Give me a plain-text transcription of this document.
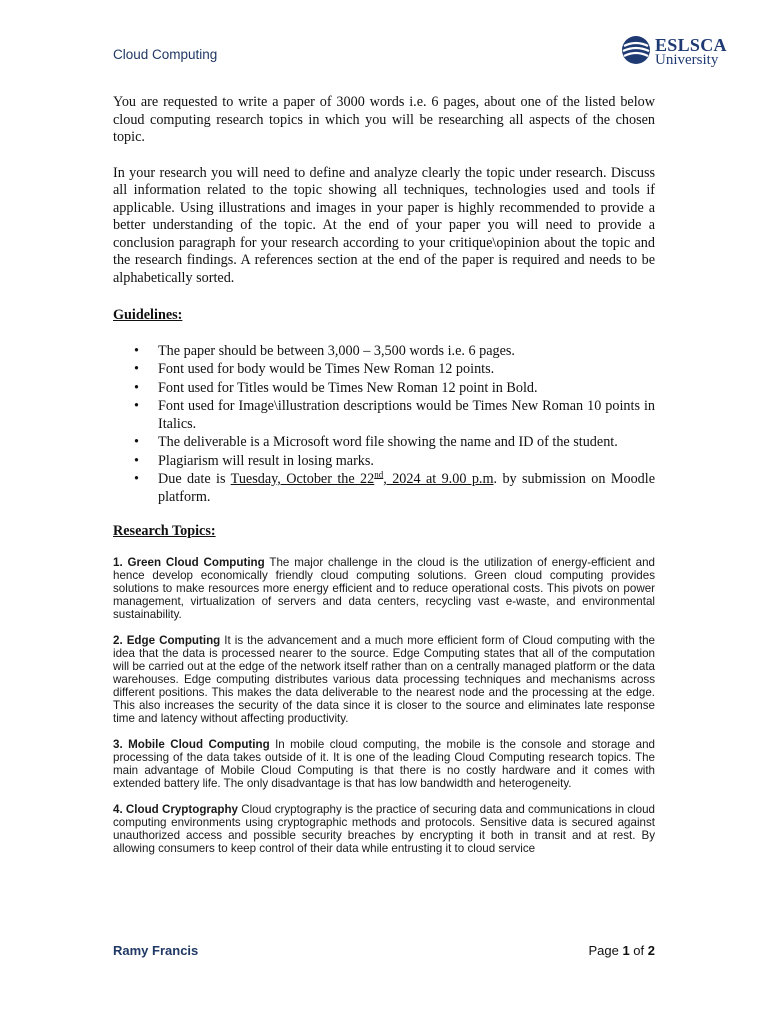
Cloud Computing	ESLSCA
University

You are requested to write a paper of 3000 words i.e. 6 pages, about one of the listed below cloud computing research topics in which you will be researching all aspects of the chosen topic.

In your research you will need to define and analyze clearly the topic under research. Discuss all information related to the topic showing all techniques, technologies used and tools if applicable. Using illustrations and images in your paper is highly recommended to provide a better understanding of the topic. At the end of your paper you will need to provide a conclusion paragraph for your research according to your critique\opinion about the topic and the research findings. A references section at the end of the paper is required and needs to be alphabetically sorted.

Guidelines:
• The paper should be between 3,000 – 3,500 words i.e. 6 pages.
• Font used for body would be Times New Roman 12 points.
• Font used for Titles would be Times New Roman 12 point in Bold.
• Font used for Image\illustration descriptions would be Times New Roman 10 points in Italics.
• The deliverable is a Microsoft word file showing the name and ID of the student.
• Plagiarism will result in losing marks.
• Due date is Tuesday, October the 22nd, 2024 at 9.00 p.m. by submission on Moodle platform.
Research Topics:

1. Green Cloud Computing The major challenge in the cloud is the utilization of energy-efficient and hence develop economically friendly cloud computing solutions. Green cloud computing provides solutions to make resources more energy efficient and to reduce operational costs. This pivots on power management, virtualization of servers and data centers, recycling vast e-waste, and environmental sustainability.

2. Edge Computing It is the advancement and a much more efficient form of Cloud computing with the idea that the data is processed nearer to the source. Edge Computing states that all of the computation will be carried out at the edge of the network itself rather than on a centrally managed platform or the data warehouses. Edge computing distributes various data processing techniques and mechanisms across different positions. This makes the data deliverable to the nearest node and the processing at the edge. This also increases the security of the data since it is closer to the source and eliminates late response time and latency without affecting productivity.

3. Mobile Cloud Computing In mobile cloud computing, the mobile is the console and storage and processing of the data takes outside of it. It is one of the leading Cloud Computing research topics. The main advantage of Mobile Cloud Computing is that there is no costly hardware and it comes with extended battery life. The only disadvantage is that has low bandwidth and heterogeneity.

4. Cloud Cryptography Cloud cryptography is the practice of securing data and communications in cloud computing environments using cryptographic methods and protocols. Sensitive data is secured against unauthorized access and possible security breaches by encrypting it both in transit and at rest. By allowing consumers to keep control of their data while entrusting it to cloud service

Ramy Francis	Page 1 of 2
